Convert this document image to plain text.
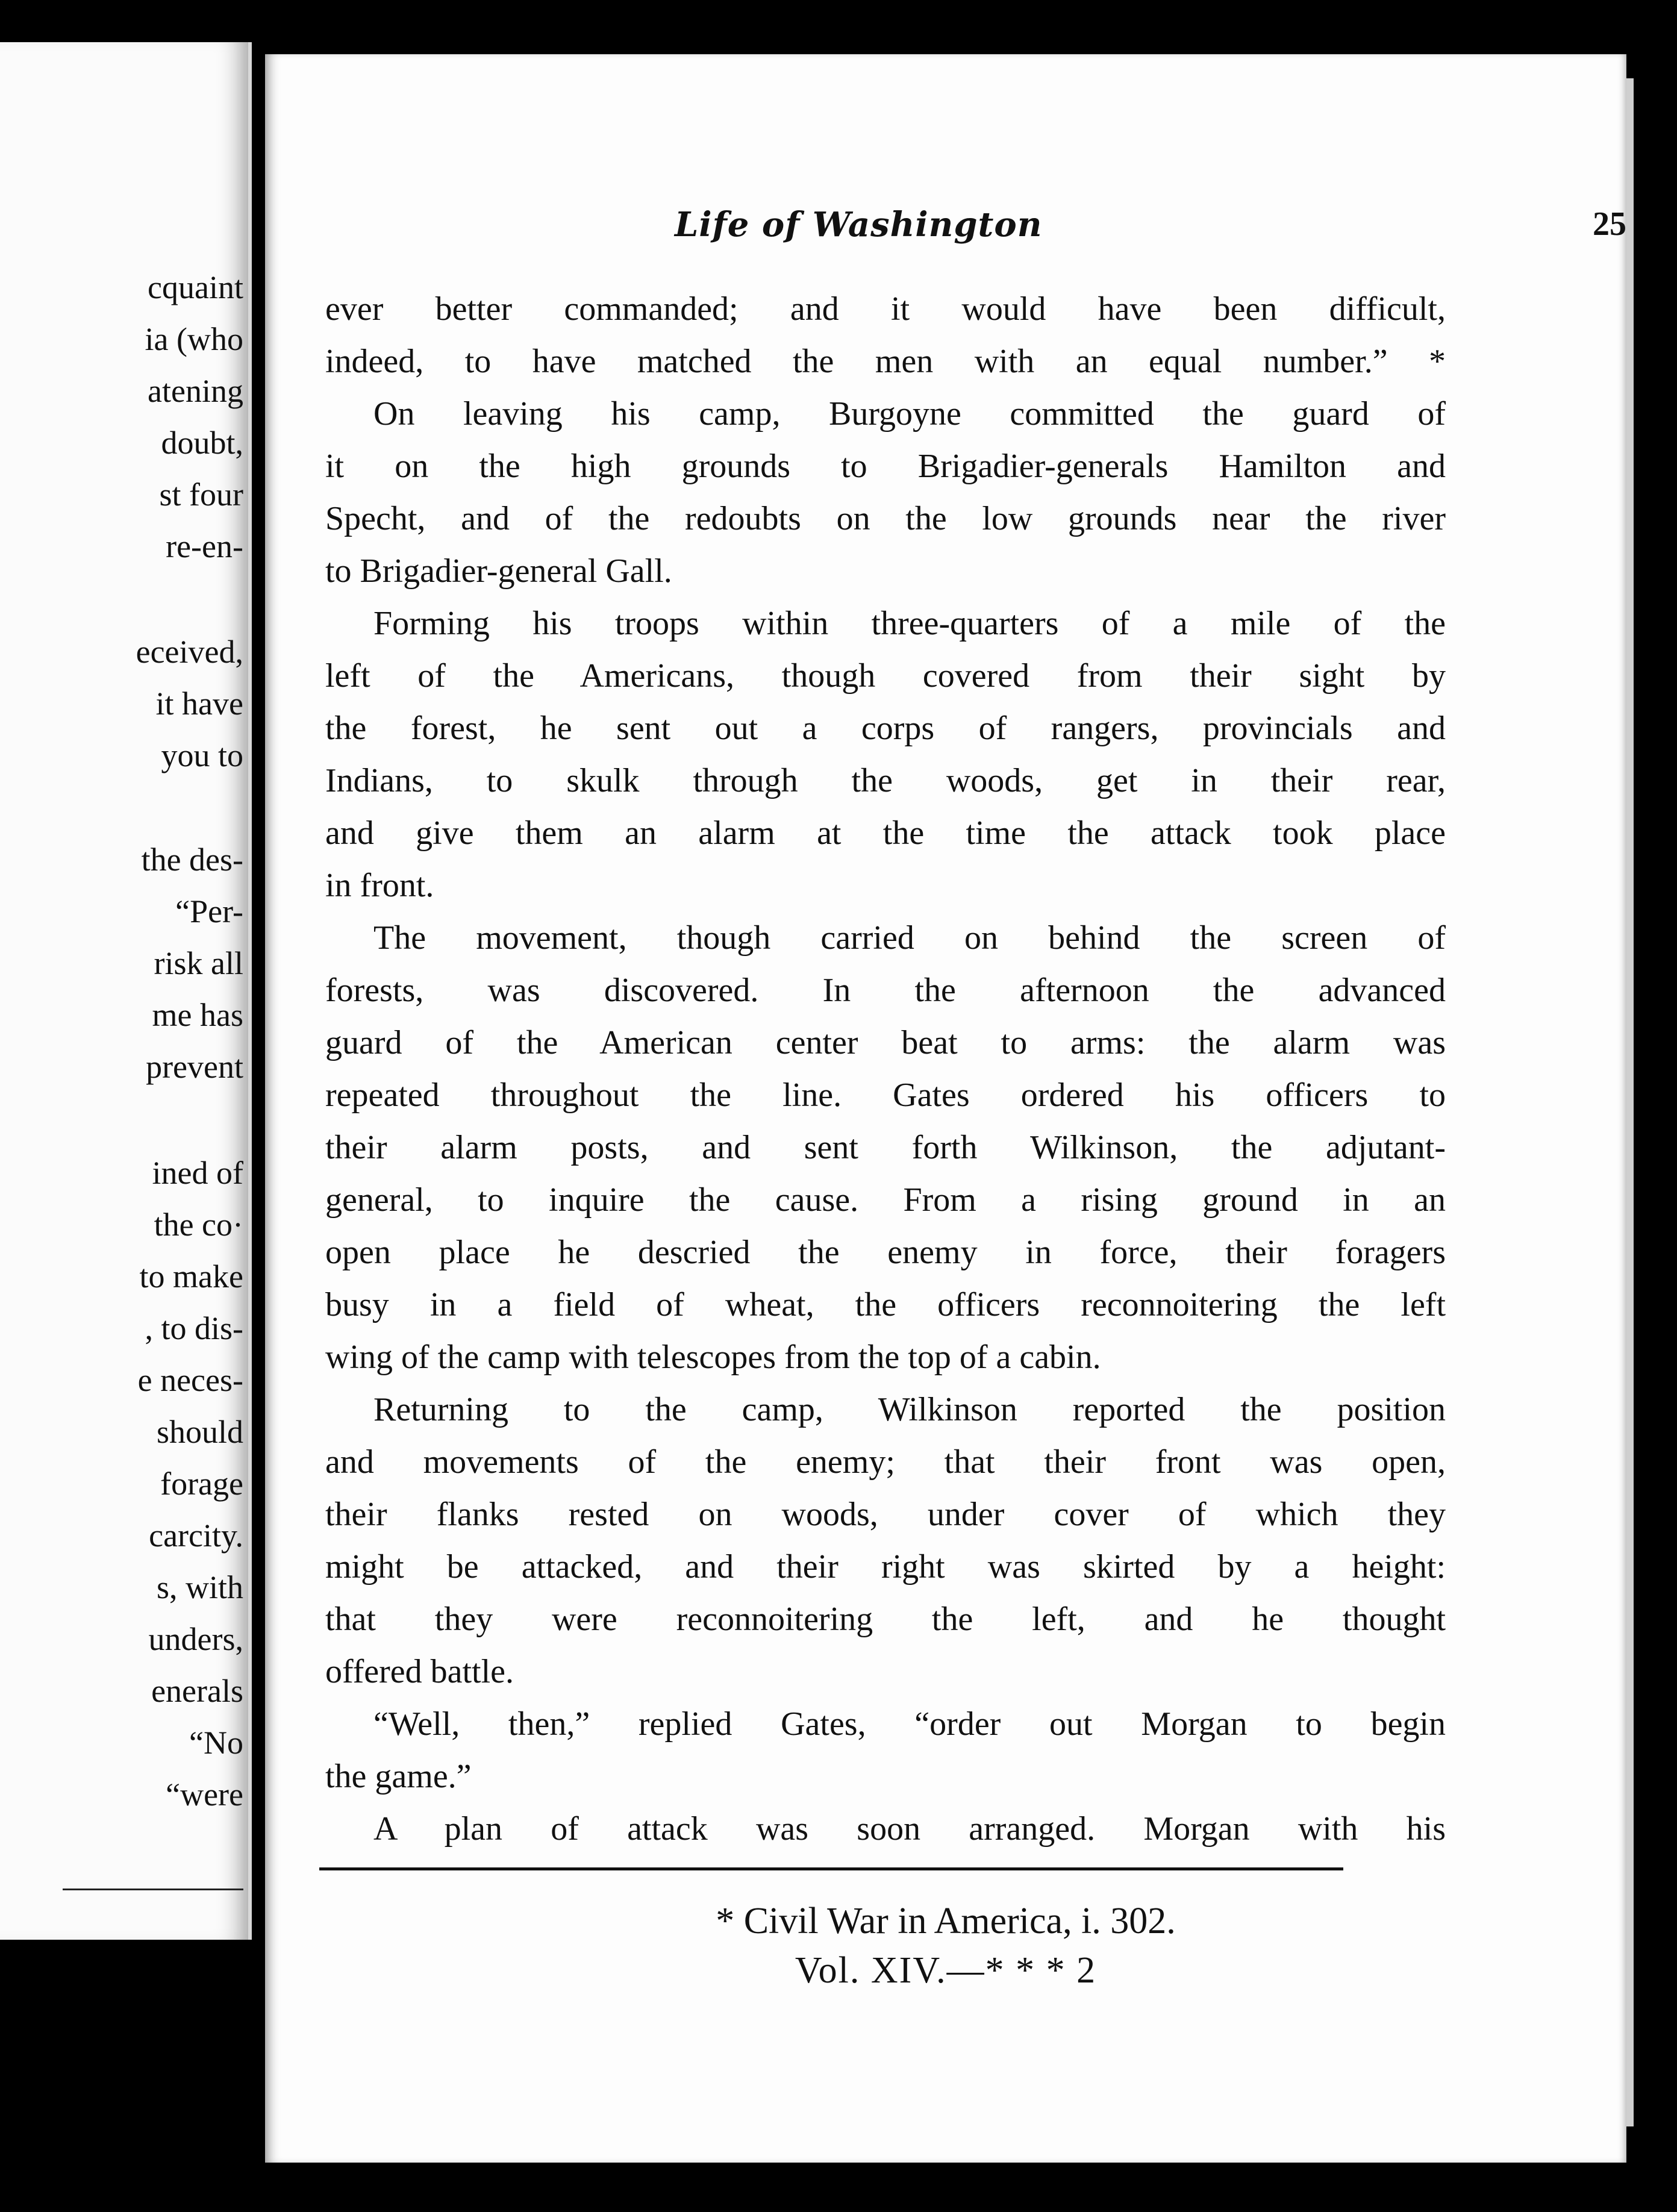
cquaint
ia (who
atening
doubt,
st four
re-en-
eceived,
it have
you to
the des-
“Per-
risk all
me has
prevent
ined of
the co·
to make
, to dis-
e neces-
should
forage
carcity.
s, with
unders,
enerals
“No
“were
Life of Washington	25
ever better commanded; and it would have been difficult,
indeed, to have matched the men with an equal number.” *
On leaving his camp, Burgoyne committed the guard of
it on the high grounds to Brigadier-generals Hamilton and
Specht, and of the redoubts on the low grounds near the river
to Brigadier-general Gall.
Forming his troops within three-quarters of a mile of the
left of the Americans, though covered from their sight by
the forest, he sent out a corps of rangers, provincials and
Indians, to skulk through the woods, get in their rear,
and give them an alarm at the time the attack took place
in front.
The movement, though carried on behind the screen of
forests, was discovered. In the afternoon the advanced
guard of the American center beat to arms: the alarm was
repeated throughout the line. Gates ordered his officers to
their alarm posts, and sent forth Wilkinson, the adjutant-
general, to inquire the cause. From a rising ground in an
open place he descried the enemy in force, their foragers
busy in a field of wheat, the officers reconnoitering the left
wing of the camp with telescopes from the top of a cabin.
Returning to the camp, Wilkinson reported the position
and movements of the enemy; that their front was open,
their flanks rested on woods, under cover of which they
might be attacked, and their right was skirted by a height:
that they were reconnoitering the left, and he thought
offered battle.
“Well, then,” replied Gates, “order out Morgan to begin
the game.”
A plan of attack was soon arranged. Morgan with his
* Civil War in America, i. 302.
Vol. XIV.—* * * 2
